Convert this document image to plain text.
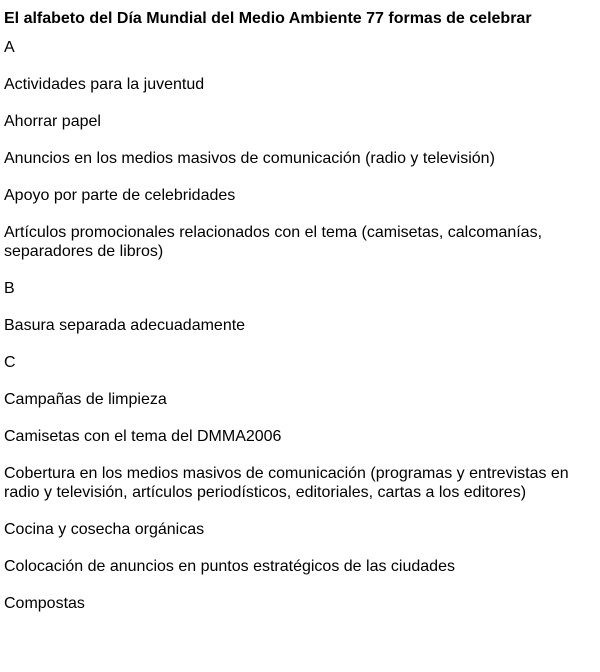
El alfabeto del Día Mundial del Medio Ambiente 77 formas de celebrar
A
Actividades para la juventud
Ahorrar papel
Anuncios en los medios masivos de comunicación (radio y televisión)
Apoyo por parte de celebridades
Artículos promocionales relacionados con el tema (camisetas, calcomanías, separadores de libros)
B
Basura separada adecuadamente
C
Campañas de limpieza
Camisetas con el tema del DMMA2006
Cobertura en los medios masivos de comunicación (programas y entrevistas en radio y televisión, artículos periodísticos, editoriales, cartas a los editores)
Cocina y cosecha orgánicas
Colocación de anuncios en puntos estratégicos de las ciudades
Compostas
